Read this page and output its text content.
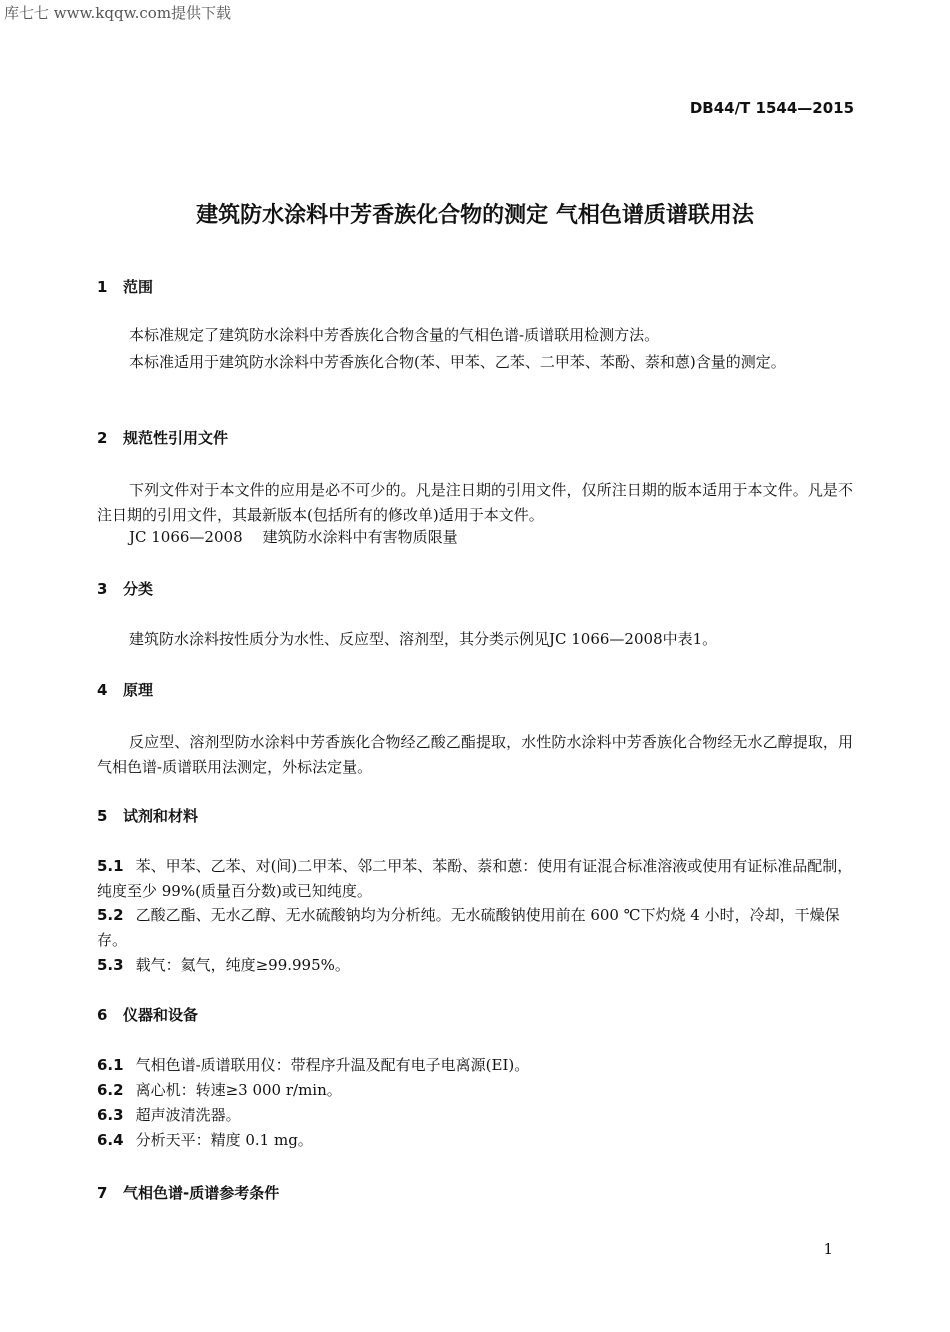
库七七 www.kqqw.com提供下载
DB44/T 1544—2015
建筑防水涂料中芳香族化合物的测定 气相色谱质谱联用法
1 范围
本标准规定了建筑防水涂料中芳香族化合物含量的气相色谱-质谱联用检测方法。
本标准适用于建筑防水涂料中芳香族化合物(苯、甲苯、乙苯、二甲苯、苯酚、萘和蒽)含量的测定。
2 规范性引用文件
下列文件对于本文件的应用是必不可少的。凡是注日期的引用文件，仅所注日期的版本适用于本文件。凡是不注日期的引用文件，其最新版本(包括所有的修改单)适用于本文件。
JC 1066—2008 建筑防水涂料中有害物质限量
3 分类
建筑防水涂料按性质分为水性、反应型、溶剂型，其分类示例见JC 1066—2008中表1。
4 原理
反应型、溶剂型防水涂料中芳香族化合物经乙酸乙酯提取，水性防水涂料中芳香族化合物经无水乙醇提取，用气相色谱-质谱联用法测定，外标法定量。
5 试剂和材料
5.1 苯、甲苯、乙苯、对(间)二甲苯、邻二甲苯、苯酚、萘和蒽：使用有证混合标准溶液或使用有证标准品配制，纯度至少 99%(质量百分数)或已知纯度。
5.2 乙酸乙酯、无水乙醇、无水硫酸钠均为分析纯。无水硫酸钠使用前在 600 ℃下灼烧 4 小时，冷却，干燥保存。
5.3 载气：氦气，纯度≥99.995%。
6 仪器和设备
6.1 气相色谱-质谱联用仪：带程序升温及配有电子电离源(EI)。
6.2 离心机：转速≥3 000 r/min。
6.3 超声波清洗器。
6.4 分析天平：精度 0.1 mg。
7 气相色谱-质谱参考条件
1
